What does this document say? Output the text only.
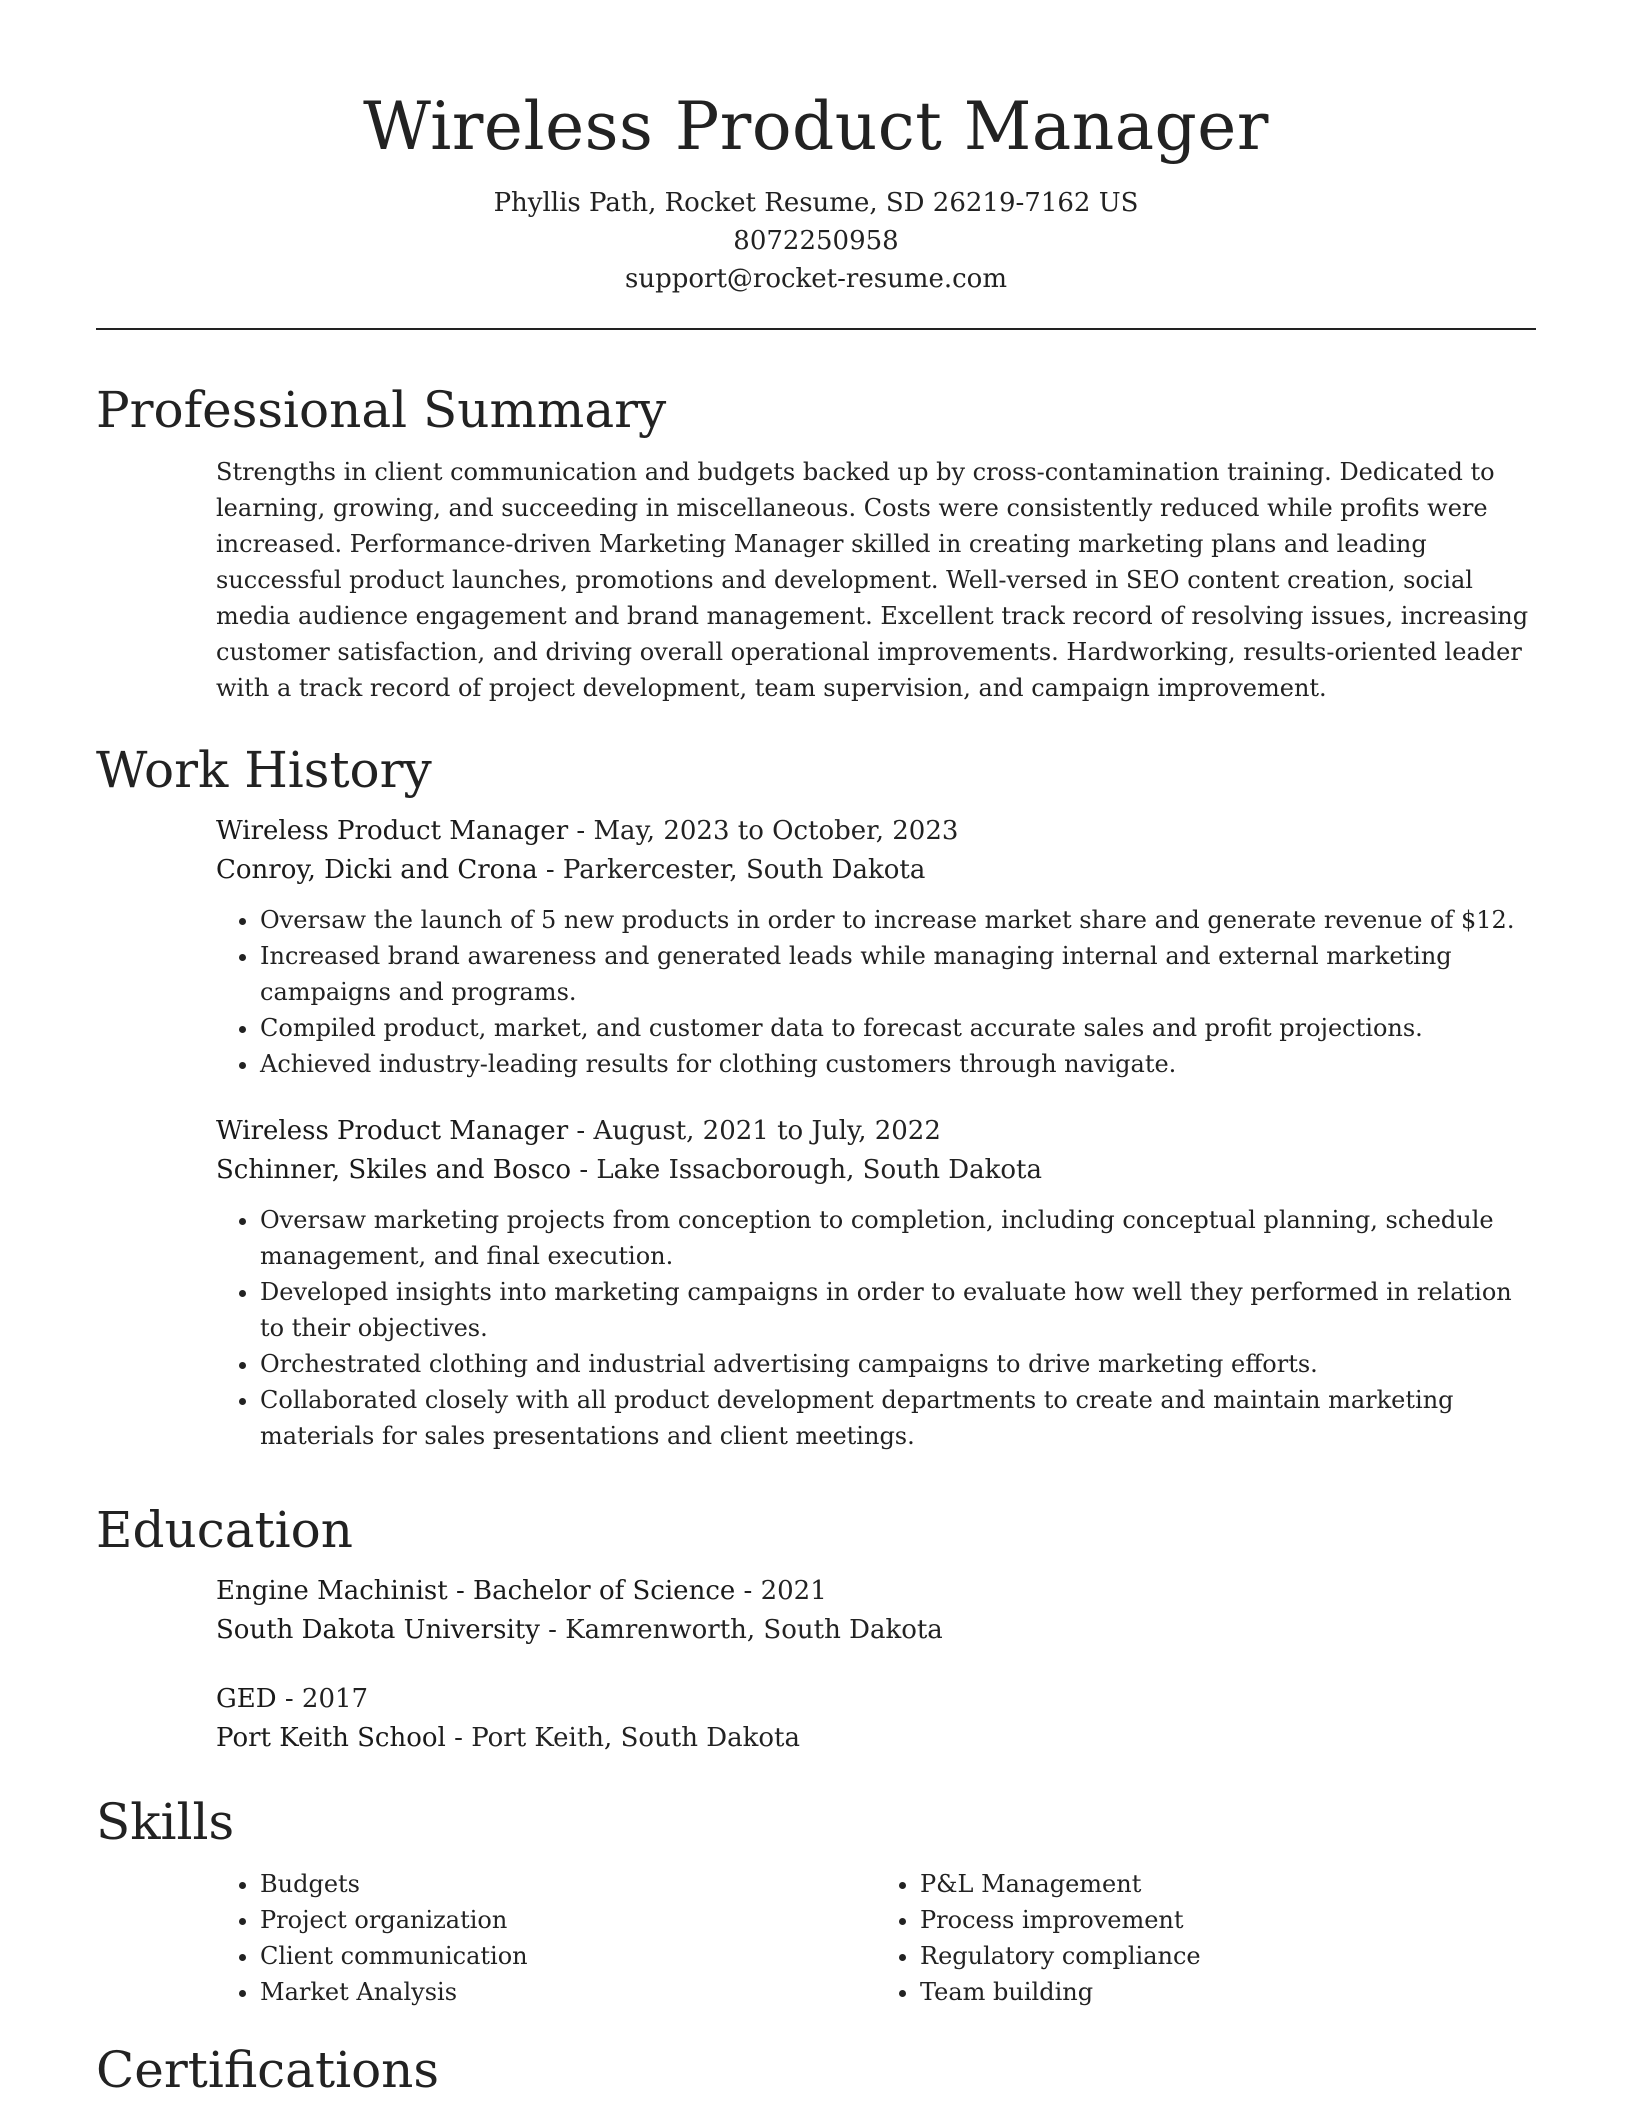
Wireless Product Manager

Phyllis Path, Rocket Resume, SD 26219-7162 US

8072250958

support@rocket-resume.com

Professional Summary

Strengths in client communication and budgets backed up by cross-contamination training. Dedicated to learning, growing, and succeeding in miscellaneous. Costs were consistently reduced while profits were increased. Performance-driven Marketing Manager skilled in creating marketing plans and leading successful product launches, promotions and development. Well-versed in SEO content creation, social media audience engagement and brand management. Excellent track record of resolving issues, increasing customer satisfaction, and driving overall operational improvements. Hardworking, results-oriented leader with a track record of project development, team supervision, and campaign improvement.

Work History

Wireless Product Manager - May, 2023 to October, 2023

Conroy, Dicki and Crona - Parkercester, South Dakota

• Oversaw the launch of 5 new products in order to increase market share and generate revenue of $12.
• Increased brand awareness and generated leads while managing internal and external marketing campaigns and programs.
• Compiled product, market, and customer data to forecast accurate sales and profit projections.
• Achieved industry-leading results for clothing customers through navigate.

Wireless Product Manager - August, 2021 to July, 2022

Schinner, Skiles and Bosco - Lake Issacborough, South Dakota

• Oversaw marketing projects from conception to completion, including conceptual planning, schedule management, and final execution.
• Developed insights into marketing campaigns in order to evaluate how well they performed in relation to their objectives.
• Orchestrated clothing and industrial advertising campaigns to drive marketing efforts.
• Collaborated closely with all product development departments to create and maintain marketing materials for sales presentations and client meetings.
Education

Engine Machinist - Bachelor of Science - 2021

South Dakota University - Kamrenworth, South Dakota

GED - 2017

Port Keith School - Port Keith, South Dakota

Skills
• Budgets
• Project organization
• Client communication
• Market Analysis
• P&L Management
• Process improvement
• Regulatory compliance
• Team building
Certifications
